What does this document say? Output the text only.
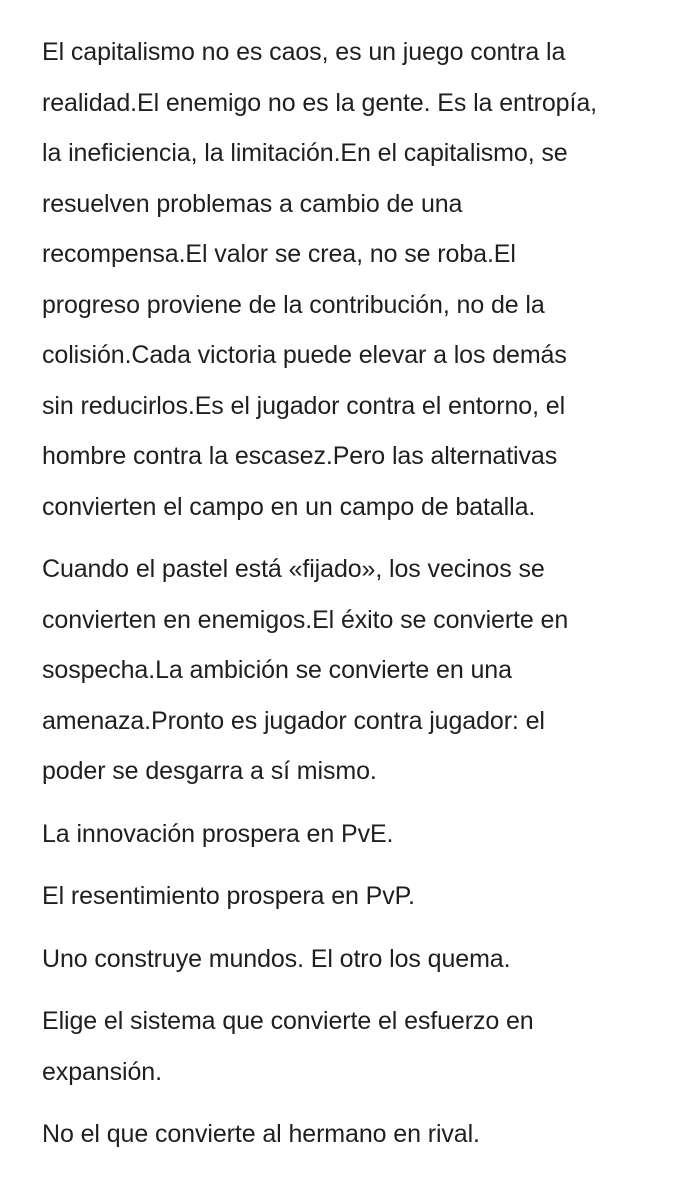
El capitalismo no es caos, es un juego contra la
realidad.El enemigo no es la gente. Es la entropía,
la ineficiencia, la limitación.En el capitalismo, se
resuelven problemas a cambio de una
recompensa.El valor se crea, no se roba.El
progreso proviene de la contribución, no de la
colisión.Cada victoria puede elevar a los demás
sin reducirlos.Es el jugador contra el entorno, el
hombre contra la escasez.Pero las alternativas
convierten el campo en un campo de batalla.

Cuando el pastel está «fijado», los vecinos se
convierten en enemigos.El éxito se convierte en
sospecha.La ambición se convierte en una
amenaza.Pronto es jugador contra jugador: el
poder se desgarra a sí mismo.

La innovación prospera en PvE.

El resentimiento prospera en PvP.

Uno construye mundos. El otro los quema.

Elige el sistema que convierte el esfuerzo en
expansión.

No el que convierte al hermano en rival.
